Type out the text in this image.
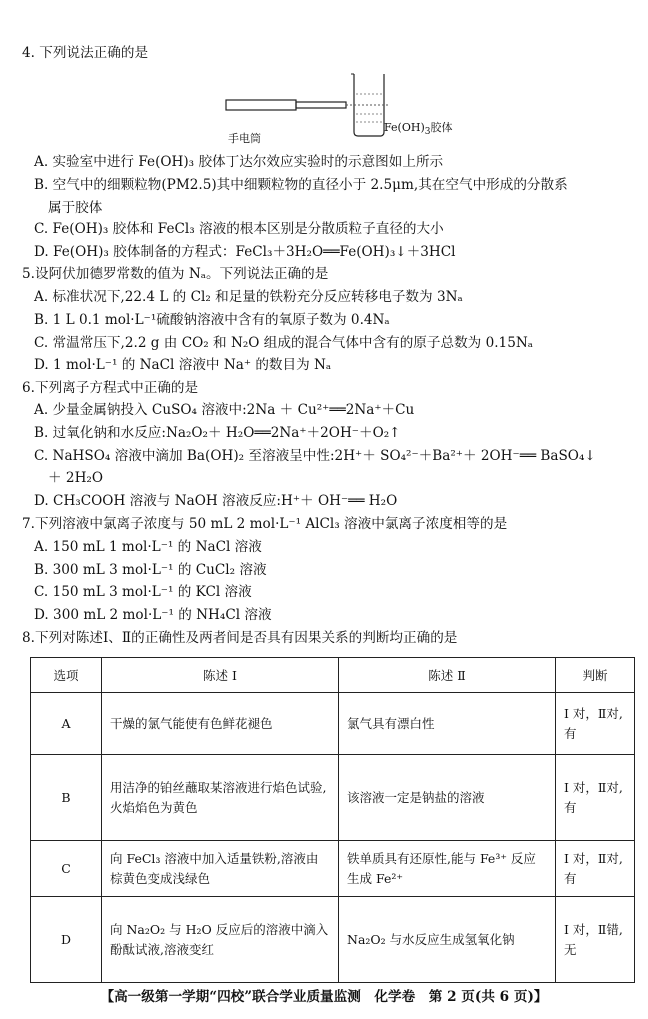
4. 下列说法正确的是
手电筒
$Fe(OH)_3$胶体
A. 实验室中进行 Fe(OH)₃ 胶体丁达尔效应实验时的示意图如上所示
B. 空气中的细颗粒物(PM2.5)其中细颗粒物的直径小于 2.5μm,其在空气中形成的分散系
属于胶体
C. Fe(OH)₃ 胶体和 FeCl₃ 溶液的根本区别是分散质粒子直径的大小
D. Fe(OH)₃ 胶体制备的方程式：FeCl₃＋3H₂O══Fe(OH)₃↓＋3HCl
5.设阿伏加德罗常数的值为 Nₐ。下列说法正确的是
A. 标准状况下,22.4 L 的 Cl₂ 和足量的铁粉充分反应转移电子数为 3Nₐ
B. 1 L 0.1 mol·L⁻¹硫酸钠溶液中含有的氧原子数为 0.4Nₐ
C. 常温常压下,2.2 g 由 CO₂ 和 N₂O 组成的混合气体中含有的原子总数为 0.15Nₐ
D. 1 mol·L⁻¹ 的 NaCl 溶液中 Na⁺ 的数目为 Nₐ
6.下列离子方程式中正确的是
A. 少量金属钠投入 CuSO₄ 溶液中:2Na ＋ Cu²⁺══2Na⁺＋Cu
B. 过氧化钠和水反应:Na₂O₂＋ H₂O══2Na⁺＋2OH⁻＋O₂↑
C. NaHSO₄ 溶液中滴加 Ba(OH)₂ 至溶液呈中性:2H⁺＋ SO₄²⁻＋Ba²⁺＋ 2OH⁻══ BaSO₄↓
＋ 2H₂O
D. CH₃COOH 溶液与 NaOH 溶液反应:H⁺＋ OH⁻══ H₂O
7.下列溶液中氯离子浓度与 50 mL 2 mol·L⁻¹ AlCl₃ 溶液中氯离子浓度相等的是
A. 150 mL 1 mol·L⁻¹ 的 NaCl 溶液
B. 300 mL 3 mol·L⁻¹ 的 CuCl₂ 溶液
C. 150 mL 3 mol·L⁻¹ 的 KCl 溶液
D. 300 mL 2 mol·L⁻¹ 的 NH₄Cl 溶液
8.下列对陈述Ⅰ、Ⅱ的正确性及两者间是否具有因果关系的判断均正确的是
选项	陈述 Ⅰ	陈述 Ⅱ	判断
A	干燥的氯气能使有色鲜花褪色	氯气具有漂白性	Ⅰ 对，Ⅱ对,有
B	用洁净的铂丝蘸取某溶液进行焰色试验,火焰焰色为黄色	该溶液一定是钠盐的溶液	Ⅰ 对，Ⅱ对,有
C	向 FeCl₃ 溶液中加入适量铁粉,溶液由棕黄色变成浅绿色	铁单质具有还原性,能与 Fe³⁺ 反应生成 Fe²⁺	Ⅰ 对，Ⅱ对,有
D	向 Na₂O₂ 与 H₂O 反应后的溶液中滴入酚酞试液,溶液变红	Na₂O₂ 与水反应生成氢氧化钠	Ⅰ 对，Ⅱ错,无
【高一级第一学期“四校”联合学业质量监测　化学卷　第 2 页(共 6 页)】
